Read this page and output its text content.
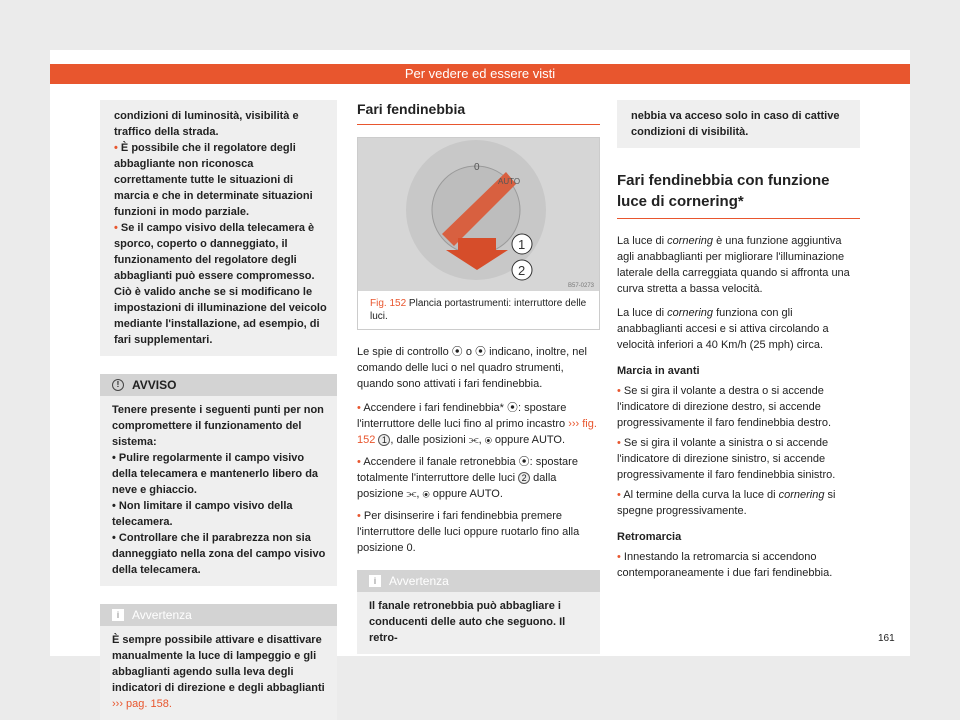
Per vedere ed essere visti
condizioni di luminosità, visibilità e traffico della strada.
• È possibile che il regolatore degli abbagliante non riconosca correttamente tutte le situazioni di marcia e che in determinate situazioni funzioni in modo parziale.
• Se il campo visivo della telecamera è sporco, coperto o danneggiato, il funzionamento del regolatore degli abbaglianti può essere compromesso. Ciò è valido anche se si modificano le impostazioni di illuminazione del veicolo mediante l'installazione, ad esempio, di fari supplementari.
!	AVVISO
Tenere presente i seguenti punti per non compromettere il funzionamento del sistema:
• Pulire regolarmente il campo visivo della telecamera e mantenerlo libero da neve e ghiaccio.
• Non limitare il campo visivo della telecamera.
• Controllare che il parabrezza non sia danneggiato nella zona del campo visivo della telecamera.
i	Avvertenza
È sempre possibile attivare e disattivare manualmente la luce di lampeggio e gli abbaglianti agendo sulla leva degli indicatori di direzione e degli abbaglianti ››› pag. 158.
Fari fendinebbia
1
2
0
AUTO
B57-0273
Fig. 152 Plancia portastrumenti: interruttore delle luci.
Le spie di controllo ⦿ o ⦿ indicano, inoltre, nel comando delle luci o nel quadro strumenti, quando sono attivati i fari fendinebbia.
• Accendere i fari fendinebbia* ⦿: spostare l'interruttore delle luci fino al primo incastro ››› fig. 152 1 , dalle posizioni ⫘, ⦿ oppure AUTO.
• Accendere il fanale retronebbia ⦿: spostare totalmente l'interruttore delle luci 2 dalla posizione ⫘, ⦿ oppure AUTO.
• Per disinserire i fari fendinebbia premere l'interruttore delle luci oppure ruotarlo fino alla posizione 0.
i	Avvertenza
Il fanale retronebbia può abbagliare i conducenti delle auto che seguono. Il retro-
nebbia va acceso solo in caso di cattive condizioni di visibilità.
Fari fendinebbia con funzione luce di cornering*
La luce di cornering è una funzione aggiuntiva agli anabbaglianti per migliorare l'illuminazione laterale della carreggiata quando si affronta una curva stretta a bassa velocità.
La luce di cornering funziona con gli anabbaglianti accesi e si attiva circolando a velocità inferiori a 40 Km/h (25 mph) circa.
Marcia in avanti
• Se si gira il volante a destra o si accende l'indicatore di direzione destro, si accende progressivamente il faro fendinebbia destro.
• Se si gira il volante a sinistra o si accende l'indicatore di direzione sinistro, si accende progressivamente il faro fendinebbia sinistro.
• Al termine della curva la luce di cornering si spegne progressivamente.
Retromarcia
• Innestando la retromarcia si accendono contemporaneamente i due fari fendinebbia.
161
